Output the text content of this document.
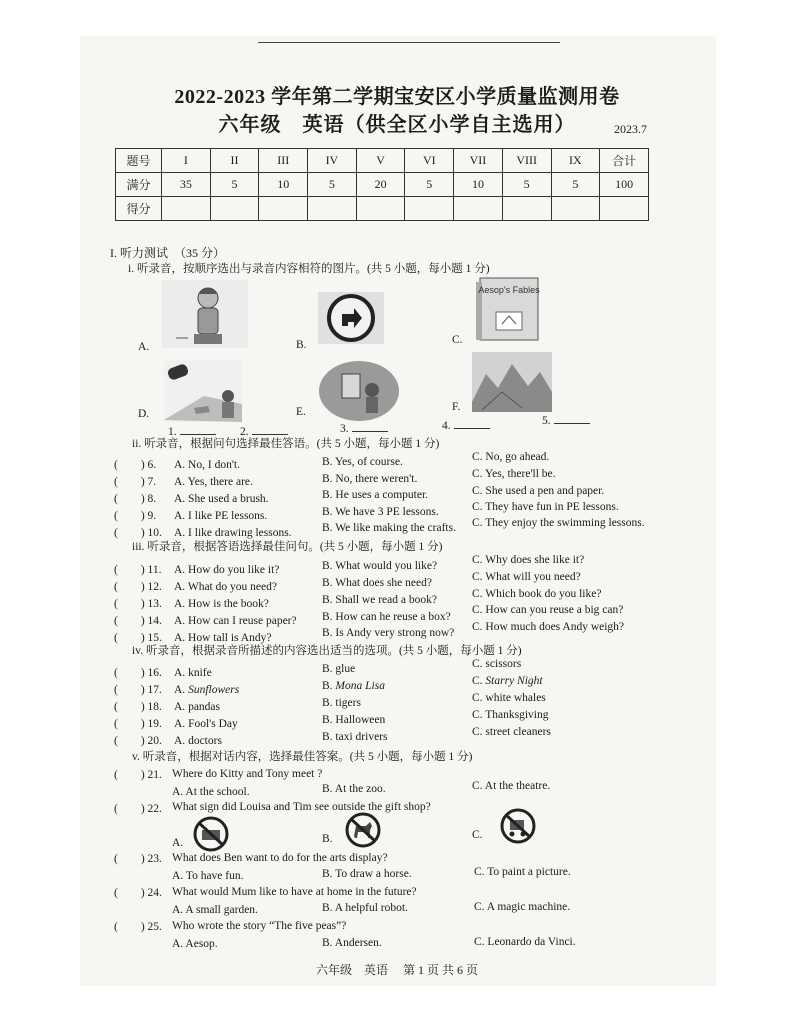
2022-2023 学年第二学期宝安区小学质量监测用卷
六年级　英语（供全区小学自主选用）	2023.7
题号	I	II	III	IV	V	VI	VII	VIII	IX	合计
满分	35	5	10	5	20	5	10	5	5	100
得分										
I. 听力测试　（35 分）
i. 听录音，按顺序选出与录音内容相符的图片。(共 5 小题，每小题 1 分)
A.	B.	C.
Aesop's Fables
D.	E.	F.
1.	2.	3.	4.	5.
ii. 听录音，根据问句选择最佳答语。(共 5 小题，每小题 1 分)
(　　) 6. A. No, I don't.	B. Yes, of course.	C. No, go ahead.
(　　) 7. A. Yes, there are.	B. No, there weren't.	C. Yes, there'll be.
(　　) 8. A. She used a brush.	B. He uses a computer.	C. She used a pen and paper.
(　　) 9. A. I like PE lessons.	B. We have 3 PE lessons.	C. They have fun in PE lessons.
(　　) 10. A. I like drawing lessons.	B. We like making the crafts. C. They enjoy the swimming lessons.
iii. 听录音，根据答语选择最佳问句。(共 5 小题，每小题 1 分)
(　　) 11. A. How do you like it?	B. What would you like?	C. Why does she like it?
(　　) 12. A. What do you need?	B. What does she need?	C. What will you need?
(　　) 13. A. How is the book?	B. Shall we read a book?	C. Which book do you like?
(　　) 14. A. How can I reuse paper? B. How can he reuse a box?
C. How can you reuse a big can?
(　　) 15. A. How tall is Andy?	B. Is Andy very strong now? C. How much does Andy weigh?
iv. 听录音，根据录音所描述的内容选出适当的选项。(共 5 小题，每小题 1 分)
(　　) 16. A. knife	B. glue	C. scissors
(　　) 17. A. Sunflowers	B. Mona Lisa	C. Starry Night
(　　) 18. A. pandas	B. tigers	C. white whales
(　　) 19. A. Fool's Day	B. Halloween	C. Thanksgiving
(　　) 20. A. doctors	B. taxi drivers	C. street cleaners
v. 听录音，根据对话内容，选择最佳答案。(共 5 小题，每小题 1 分)
(　　) 21. Where do Kitty and Tony meet ?
A. At the school.	B. At the zoo.	C. At the theatre.
(　　) 22. What sign did Louisa and Tim see outside the gift shop?
A.	B.	C.
(　　) 23. What does Ben want to do for the arts display?
A. To have fun.	B. To draw a horse.	C. To paint a picture.
(　　) 24. What would Mum like to have at home in the future?
A. A small garden.	B. A helpful robot.	C. A magic machine.
(　　) 25. Who wrote the story “The five peas”?
A. Aesop.	B. Andersen.	C. Leonardo da Vinci.
六年级　英语　 第 1 页 共 6 页
